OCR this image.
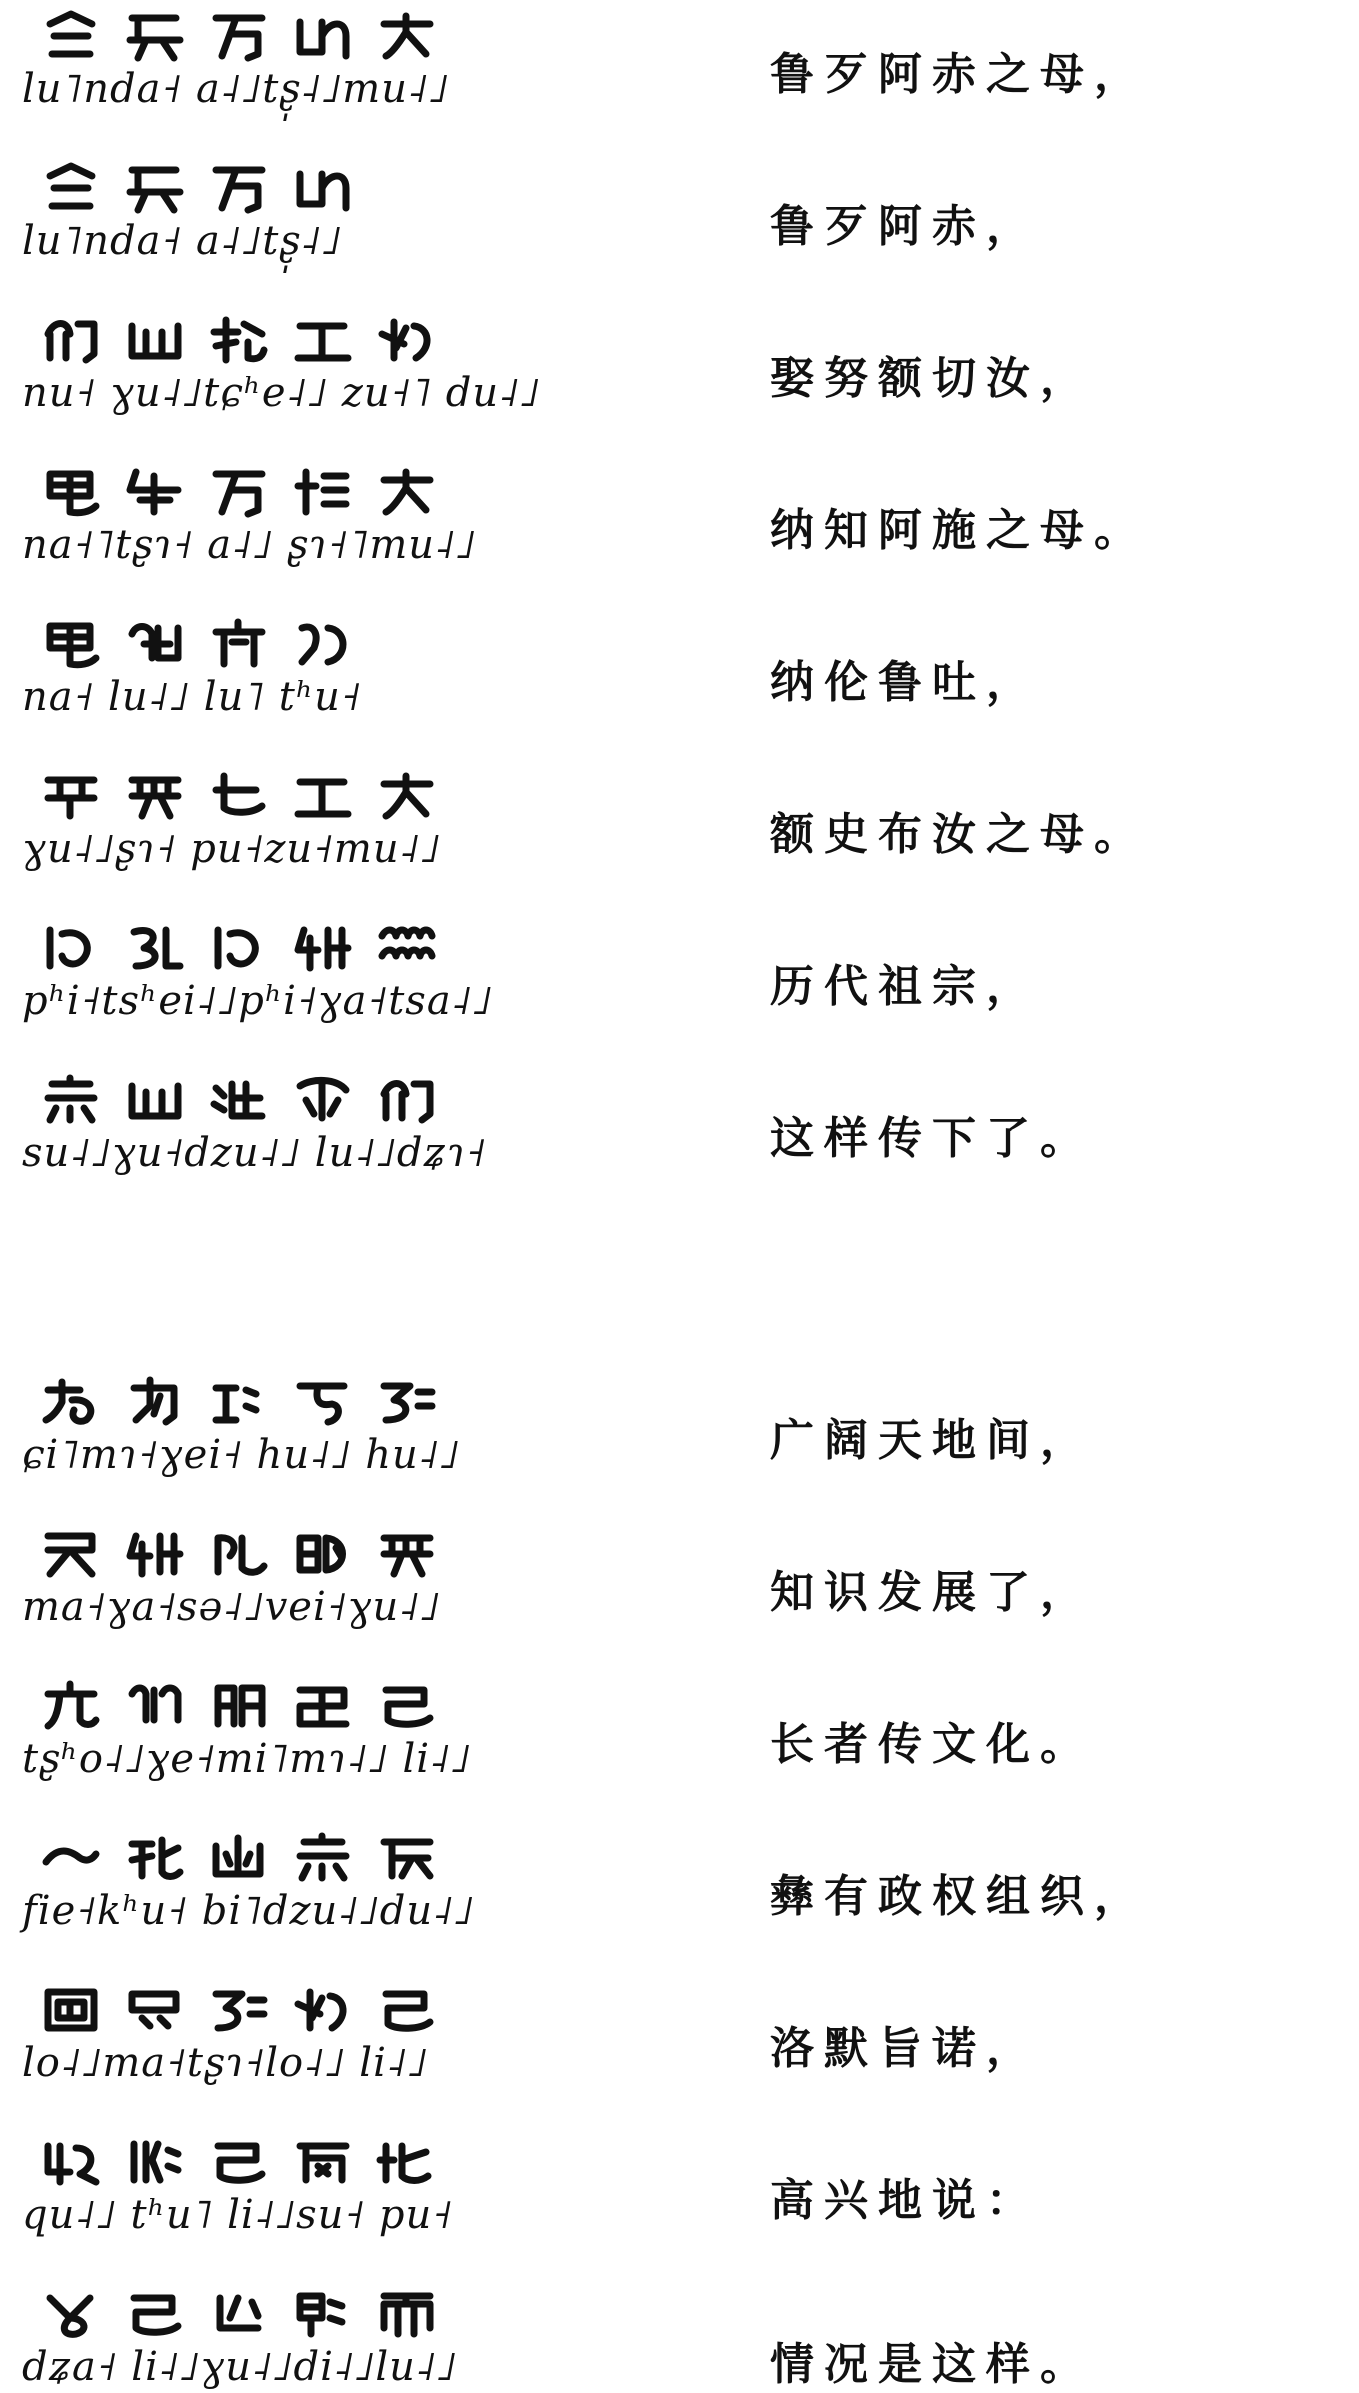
lu˥nda˧ a˨˩tʂ̩˨˩mu˨˩	鲁歹阿赤之母，
lu˥nda˧ a˨˩tʂ̩˨˩	鲁歹阿赤，
nu˧ ɣu˨˩tɕʰe˨˩ zu˧˥ du˨˩	娶努额切汝，
na˧˥tʂɿ˧ a˨˩ ʂɿ˧˥mu˨˩	纳知阿施之母。
na˧ lu˨˩ lu˥ tʰu˧	纳伦鲁吐，
ɣu˨˩ʂɿ˧ pu˧zu˧mu˨˩	额史布汝之母。
pʰi˧tsʰei˨˩pʰi˧ɣa˧tsa˨˩	历代祖宗，
su˨˩ɣu˧dzu˨˩ lu˨˩dʑɿ˧	这样传下了。
ɕi˥mɿ˧ɣei˧ hu˨˩ hu˨˩	广阔天地间，
ma˧ɣa˧sə˨˩vei˧ɣu˨˩	知识发展了，
tʂʰo˨˩ɣe˧mi˥mɿ˨˩ li˨˩	长者传文化。
fie˧kʰu˧ bi˥dzu˨˩du˨˩	彝有政权组织，
lo˨˩ma˧tʂɿ˧lo˨˩ li˨˩	洛默旨诺，
qu˨˩ tʰu˥ li˨˩su˧ pu˧	高兴地说：
dʑa˧ li˨˩ɣu˨˩di˨˩lu˨˩	情况是这样。
